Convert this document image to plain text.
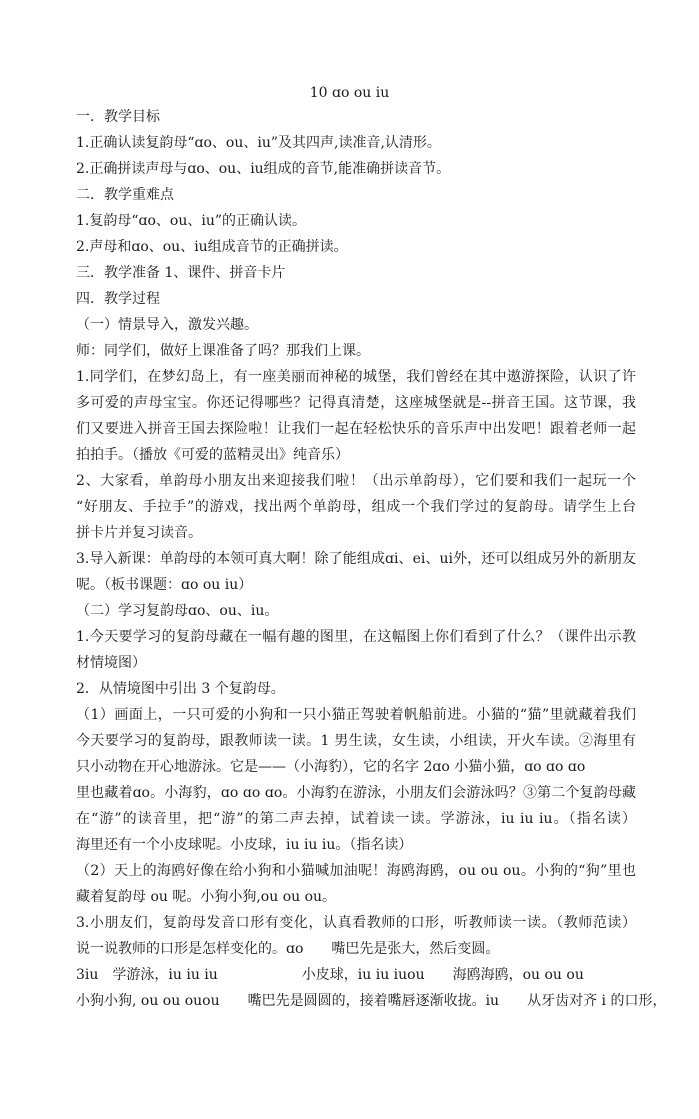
10 ɑo ou iu
一．教学目标
1.正确认读复韵母“ɑo、ou、iu”及其四声,读准音,认清形。
2.正确拼读声母与ɑo、ou、iu组成的音节,能准确拼读音节。
二．教学重难点
1.复韵母“ɑo、ou、iu”的正确认读。
2.声母和ɑo、ou、iu组成音节的正确拼读。
三．教学准备 1、课件、拼音卡片
四．教学过程
（一）情景导入，激发兴趣。
师：同学们，做好上课准备了吗？那我们上课。
1.同学们，在梦幻岛上，有一座美丽而神秘的城堡，我们曾经在其中遨游探险，认识了许
多可爱的声母宝宝。你还记得哪些？记得真清楚，这座城堡就是--拼音王国。这节课，我
们又要进入拼音王国去探险啦！让我们一起在轻松快乐的音乐声中出发吧！跟着老师一起
拍拍手。（播放《可爱的蓝精灵出》纯音乐）
2、大家看，单韵母小朋友出来迎接我们啦！（出示单韵母），它们要和我们一起玩一个
“好朋友、手拉手”的游戏，找出两个单韵母，组成一个我们学过的复韵母。请学生上台
拼卡片并复习读音。
3.导入新课：单韵母的本领可真大啊！除了能组成ɑi、ei、ui外，还可以组成另外的新朋友
呢。（板书课题：ɑo ou iu）
（二）学习复韵母ɑo、ou、iu。
1.今天要学习的复韵母藏在一幅有趣的图里，在这幅图上你们看到了什么？（课件出示教
材情境图）
2．从情境图中引出 3 个复韵母。
（1）画面上，一只可爱的小狗和一只小猫正驾驶着帆船前进。小猫的“猫”里就藏着我们
今天要学习的复韵母，跟教师读一读。1 男生读，女生读，小组读，开火车读。②海里有
只小动物在开心地游泳。它是——（小海豹），它的名字 2ɑo 小猫小猫，ɑo ɑo ɑo
里也藏着ɑo。小海豹，ɑo ɑo ɑo。小海豹在游泳，小朋友们会游泳吗？③第二个复韵母藏
在“游”的读音里，把“游”的第二声去掉，试着读一读。学游泳，iu iu iu。（指名读）
海里还有一个小皮球呢。小皮球，iu iu iu。（指名读）
（2）天上的海鸥好像在给小狗和小猫喊加油呢！海鸥海鸥，ou ou ou。小狗的“狗”里也
藏着复韵母 ou 呢。小狗小狗,ou ou ou。
3.小朋友们，复韵母发音口形有变化，认真看教师的口形，听教师读一读。（教师范读）
说一说教师的口形是怎样变化的。ɑo　　嘴巴先是张大，然后变圆。
3iu　学游泳，iu iu iu　　　　　　小皮球，iu iu iuou　　海鸥海鸥，ou ou ou
小狗小狗, ou ou ouou　　嘴巴先是圆圆的，接着嘴唇逐渐收拢。iu　　从牙齿对齐 i 的口形，
